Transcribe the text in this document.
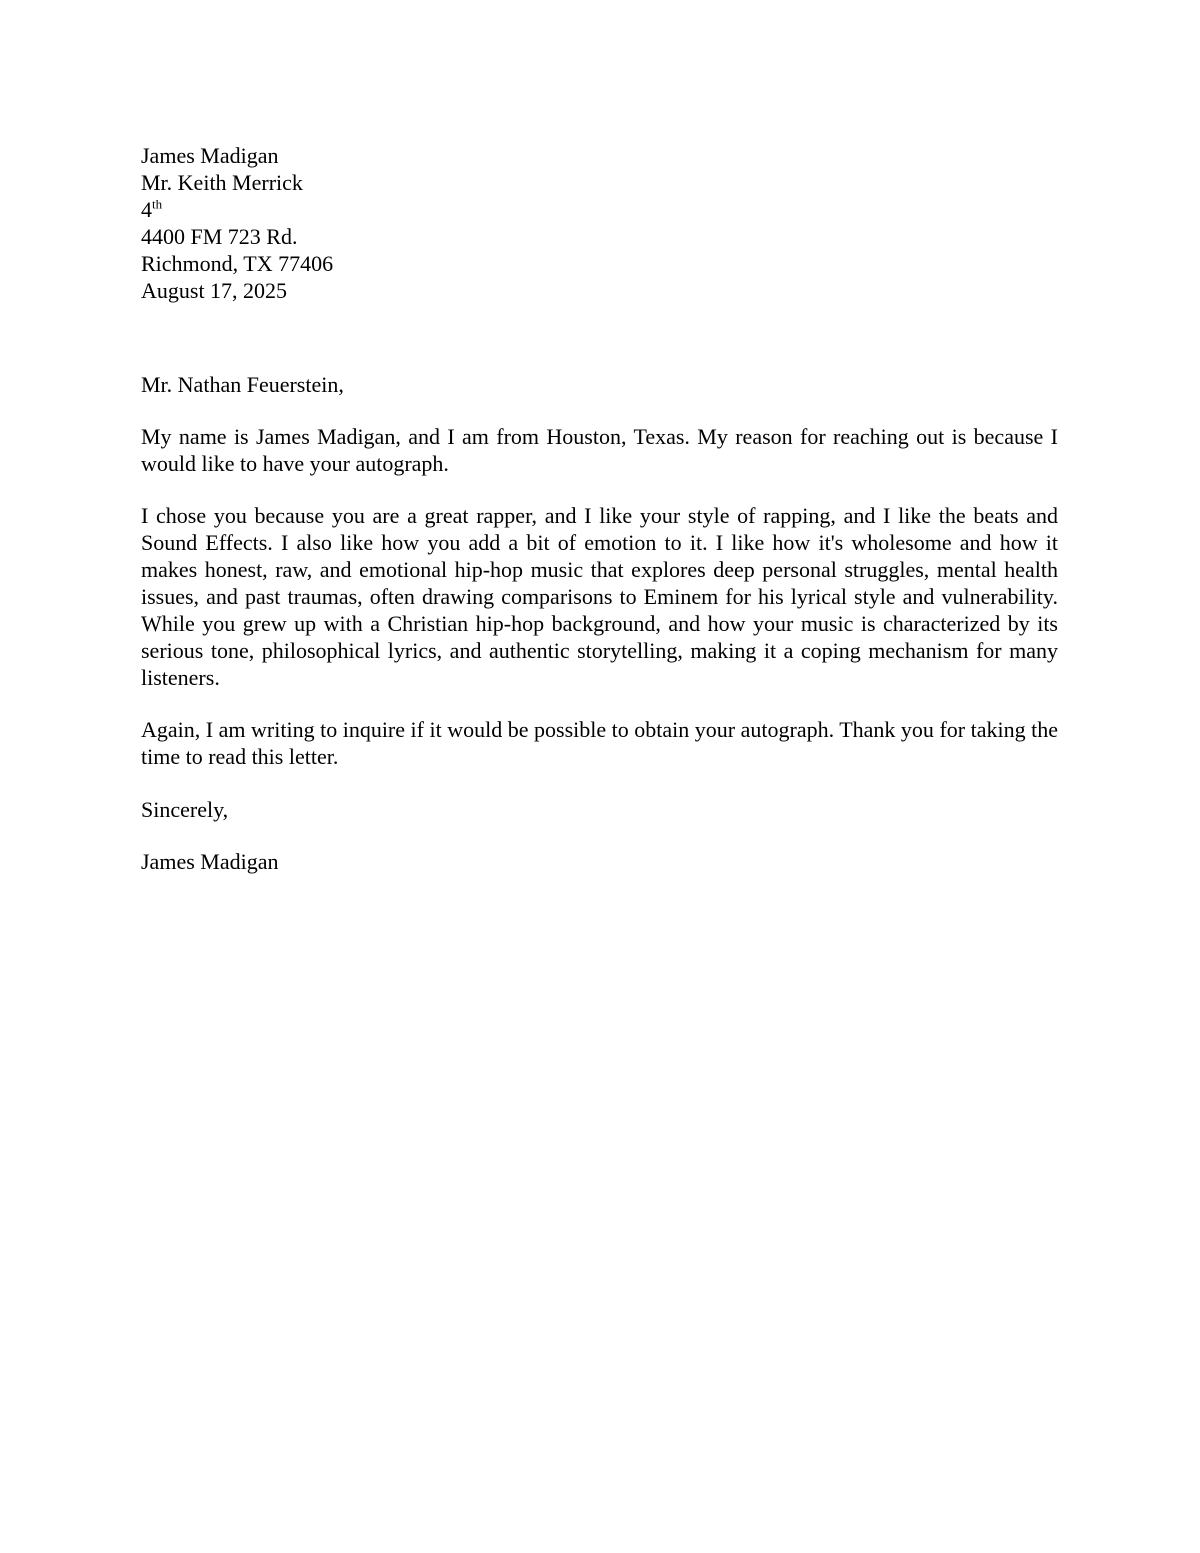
James Madigan
Mr. Keith Merrick
4th
4400 FM 723 Rd.
Richmond, TX 77406
August 17, 2025
Mr. Nathan Feuerstein,

My name is James Madigan, and I am from Houston, Texas. My reason for reaching out is because I would like to have your autograph.

I chose you because you are a great rapper, and I like your style of rapping, and I like the beats and Sound Effects. I also like how you add a bit of emotion to it. I like how it's wholesome and how it makes honest, raw, and emotional hip-hop music that explores deep personal struggles, mental health issues, and past traumas, often drawing comparisons to Eminem for his lyrical style and vulnerability. While you grew up with a Christian hip-hop background, and how your music is characterized by its serious tone, philosophical lyrics, and authentic storytelling, making it a coping mechanism for many listeners.

Again, I am writing to inquire if it would be possible to obtain your autograph. Thank you for taking the time to read this letter.

Sincerely,
James Madigan
